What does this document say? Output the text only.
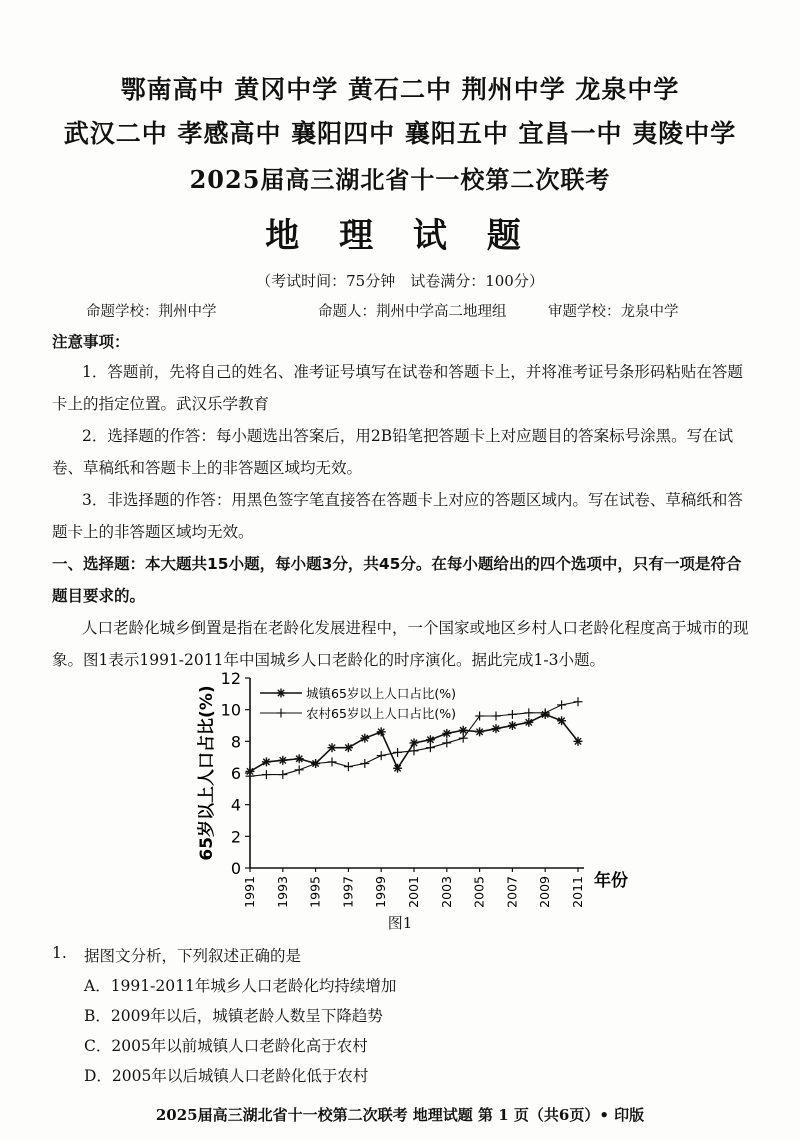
鄂南高中 黄冈中学 黄石二中 荆州中学 龙泉中学
武汉二中 孝感高中 襄阳四中 襄阳五中 宜昌一中 夷陵中学
2025届高三湖北省十一校第二次联考
地 理 试 题
（考试时间：75分钟　试卷满分：100分）
命题学校：荆州中学	命题人：荆州中学高二地理组	审题学校：龙泉中学
注意事项：
1．答题前，先将自己的姓名、准考证号填写在试卷和答题卡上，并将准考证号条形码粘贴在答题卡上的指定位置。武汉乐学教育
2．选择题的作答：每小题选出答案后，用2B铅笔把答题卡上对应题目的答案标号涂黑。写在试卷、草稿纸和答题卡上的非答题区域均无效。
3．非选择题的作答：用黑色签字笔直接答在答题卡上对应的答题区域内。写在试卷、草稿纸和答题卡上的非答题区域均无效。
一、选择题：本大题共15小题，每小题3分，共45分。在每小题给出的四个选项中，只有一项是符合题目要求的。
人口老龄化城乡倒置是指在老龄化发展进程中，一个国家或地区乡村人口老龄化程度高于城市的现象。图1表示1991-2011年中国城乡人口老龄化的时序演化。据此完成1-3小题。
0
2
4
6
8
10
12
1991 1993 1995 1997 1999 2001 2003 2005 2007 2009 2011
65岁以上人口占比(%)
年份
城镇65岁以上人口占比(%)
农村65岁以上人口占比(%)
图1
1. 据图文分析，下列叙述正确的是
A．1991-2011年城乡人口老龄化均持续增加
B．2009年以后，城镇老龄人数呈下降趋势
C．2005年以前城镇人口老龄化高于农村
D．2005年以后城镇人口老龄化低于农村
2025届高三湖北省十一校第二次联考 地理试题 第 1 页（共6页）• 印版
